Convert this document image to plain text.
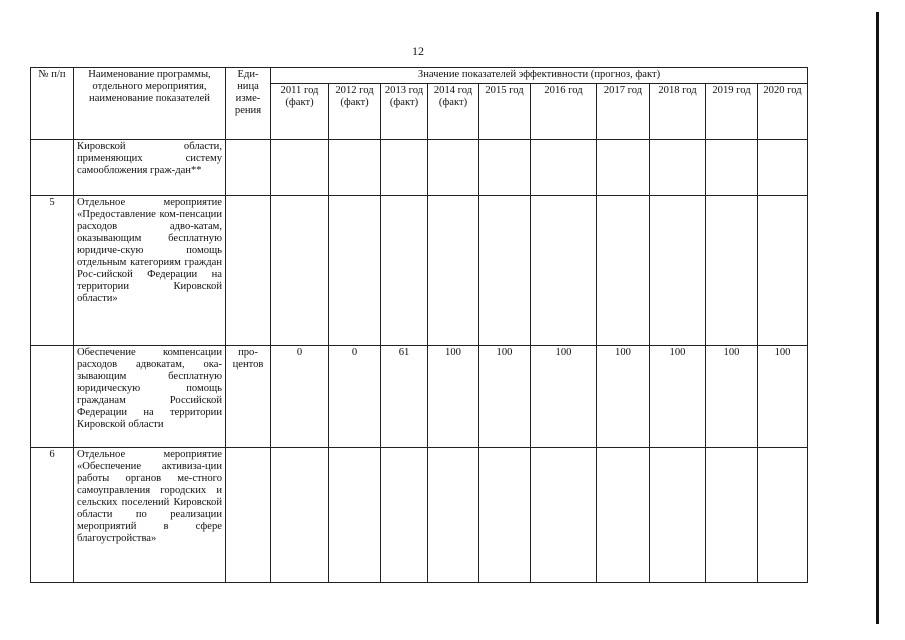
12
№ п/п	Наименование программы, отдельного мероприятия, наименование показателей	Еди-ница изме-рения	Значение показателей эффективности (прогноз, факт)									
			2011 год (факт)	2012 год (факт)	2013 год (факт)	2014 год (факт)	2015 год	2016 год	2017 год	2018 год	2019 год	2020 год
	Кировской области, применяющих систему самообложения граж-дан**											
5	Отдельное мероприятие «Предоставление ком-пенсации расходов адво-катам, оказывающим бесплатную юридиче-скую помощь отдельным категориям граждан Рос-сийской Федерации на территории Кировской области»											
	Обеспечение компенсации расходов адвокатам, ока-зывающим бесплатную юридическую помощь гражданам Российской Федерации на территории Кировской области	про-центов	0	0	61	100	100	100	100	100	100	100
6	Отдельное мероприятие «Обеспечение активиза-ции работы органов ме-стного самоуправления городских и сельских поселений Кировской области по реализации мероприятий в сфере благоустройства»											
